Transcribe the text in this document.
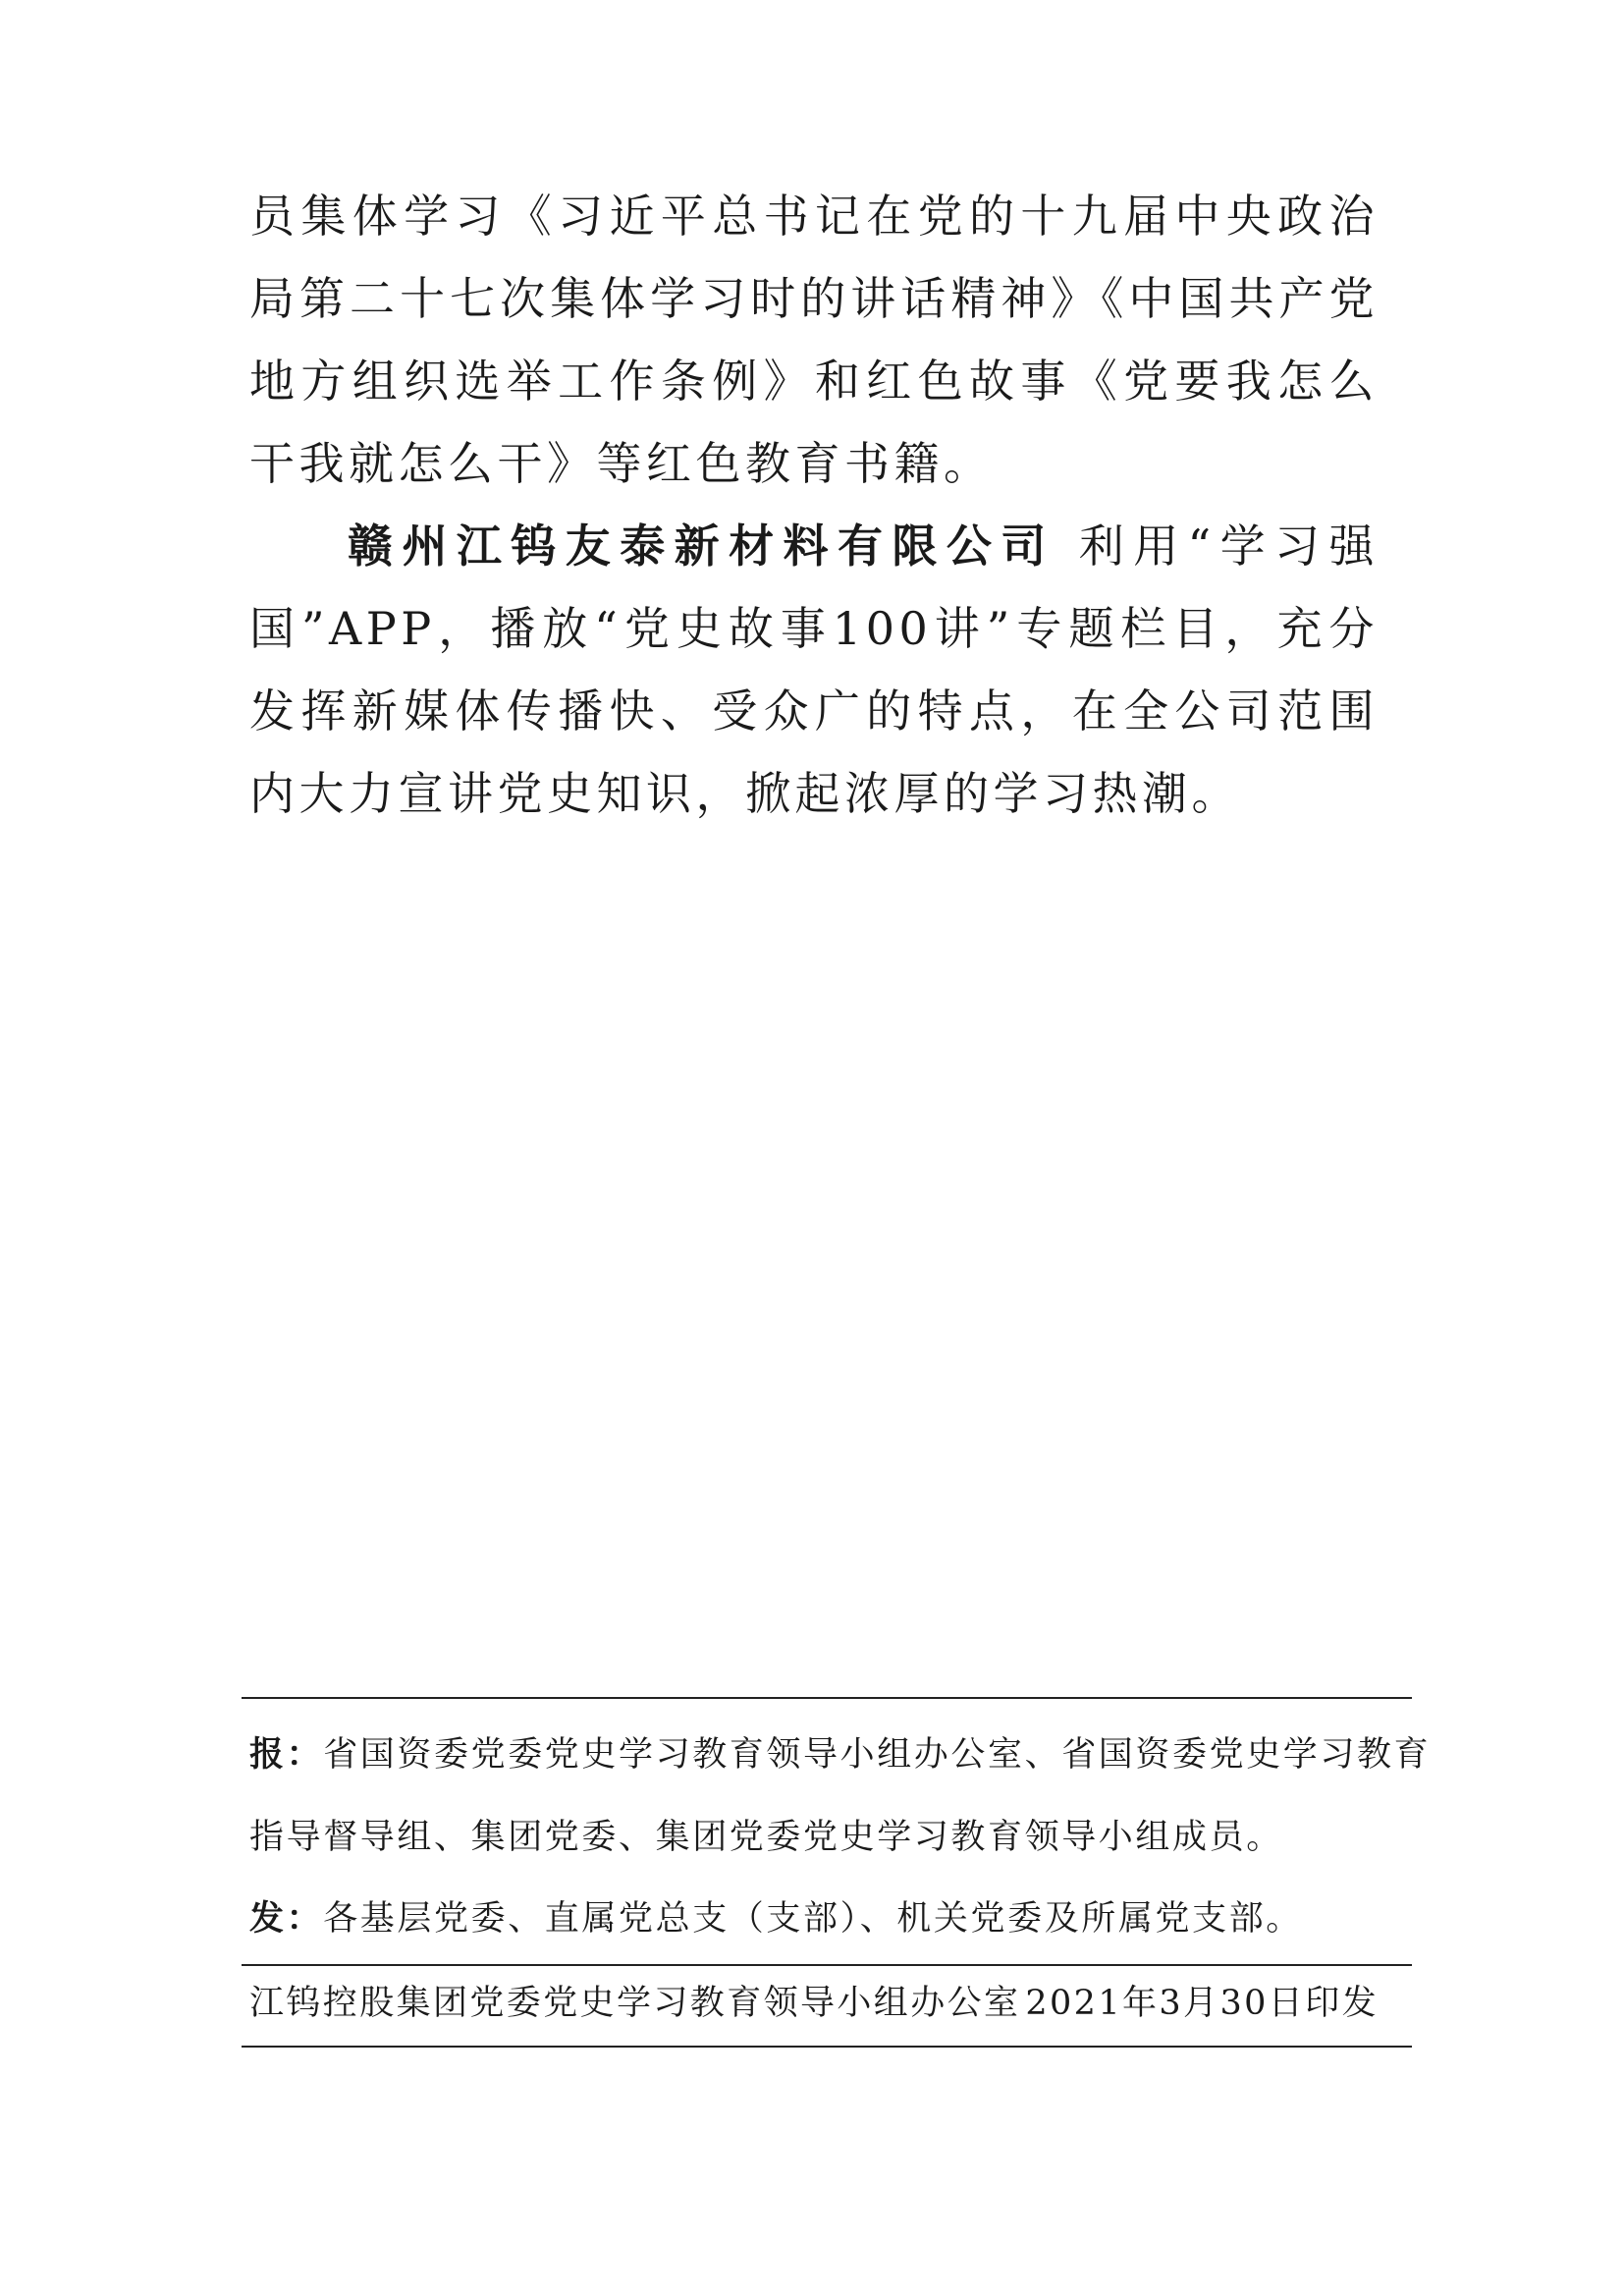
员集体学习《习近平总书记在党的十九届中央政治局第二十七次集体学习时的讲话精神》《中国共产党地方组织选举工作条例》和红色故事《党要我怎么干我就怎么干》等红色教育书籍。

赣州江钨友泰新材料有限公司 利用“学习强国”APP，播放“党史故事100讲”专题栏目，充分发挥新媒体传播快、受众广的特点，在全公司范围内大力宣讲党史知识，掀起浓厚的学习热潮。

报：省国资委党委党史学习教育领导小组办公室、省国资委党史学习教育
指导督导组、集团党委、集团党委党史学习教育领导小组成员。
发：各基层党委、直属党总支（支部）、机关党委及所属党支部。
江钨控股集团党委党史学习教育领导小组办公室 2021年3月30日印发
